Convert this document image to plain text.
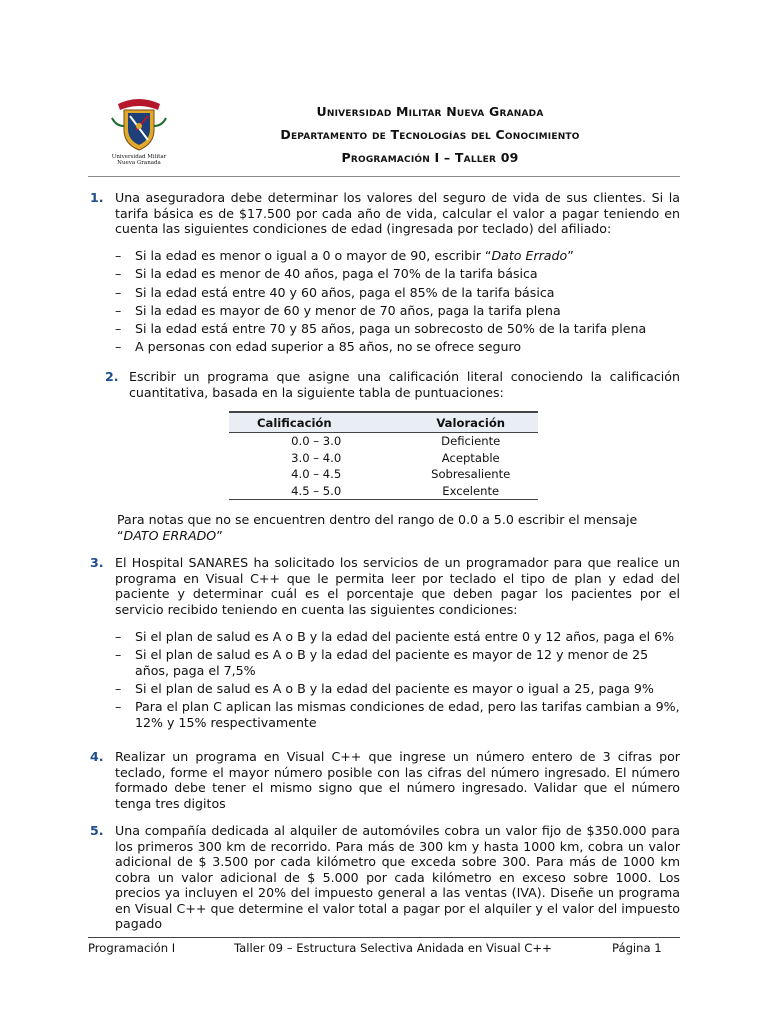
Universidad Militar
Nueva Granada
Universidad Militar Nueva Granada
Departamento de Tecnologías del Conocimiento
Programación I – Taller 09
1. Una aseguradora debe determinar los valores del seguro de vida de sus clientes. Si la tarifa básica es de $17.500 por cada año de vida, calcular el valor a pagar teniendo en cuenta las siguientes condiciones de edad (ingresada por teclado) del afiliado:
– Si la edad es menor o igual a 0 o mayor de 90, escribir “Dato Errado”
– Si la edad es menor de 40 años, paga el 70% de la tarifa básica
– Si la edad está entre 40 y 60 años, paga el 85% de la tarifa básica
– Si la edad es mayor de 60 y menor de 70 años, paga la tarifa plena
– Si la edad está entre 70 y 85 años, paga un sobrecosto de 50% de la tarifa plena
– A personas con edad superior a 85 años, no se ofrece seguro
2. Escribir un programa que asigne una calificación literal conociendo la calificación cuantitativa, basada en la siguiente tabla de puntuaciones:
Calificación	Valoración
0.0 – 3.0	Deficiente
3.0 – 4.0	Aceptable
4.0 – 4.5	Sobresaliente
4.5 – 5.0	Excelente
Para notas que no se encuentren dentro del rango de 0.0 a 5.0 escribir el mensaje “DATO ERRADO”
3. El Hospital SANARES ha solicitado los servicios de un programador para que realice un programa en Visual C++ que le permita leer por teclado el tipo de plan y edad del paciente y determinar cuál es el porcentaje que deben pagar los pacientes por el servicio recibido teniendo en cuenta las siguientes condiciones:
– Si el plan de salud es A o B y la edad del paciente está entre 0 y 12 años, paga el 6%
– Si el plan de salud es A o B y la edad del paciente es mayor de 12 y menor de 25 años, paga el 7,5%
– Si el plan de salud es A o B y la edad del paciente es mayor o igual a 25, paga 9%
– Para el plan C aplican las mismas condiciones de edad, pero las tarifas cambian a 9%, 12% y 15% respectivamente
4. Realizar un programa en Visual C++ que ingrese un número entero de 3 cifras por teclado, forme el mayor número posible con las cifras del número ingresado. El número formado debe tener el mismo signo que el número ingresado. Validar que el número tenga tres digitos
5. Una compañía dedicada al alquiler de automóviles cobra un valor fijo de $350.000 para los primeros 300 km de recorrido. Para más de 300 km y hasta 1000 km, cobra un valor adicional de $ 3.500 por cada kilómetro que exceda sobre 300. Para más de 1000 km cobra un valor adicional de $ 5.000 por cada kilómetro en exceso sobre 1000. Los precios ya incluyen el 20% del impuesto general a las ventas (IVA). Diseñe un programa en Visual C++ que determine el valor total a pagar por el alquiler y el valor del impuesto pagado
Programación I	Taller 09 – Estructura Selectiva Anidada en Visual C++	Página 1
